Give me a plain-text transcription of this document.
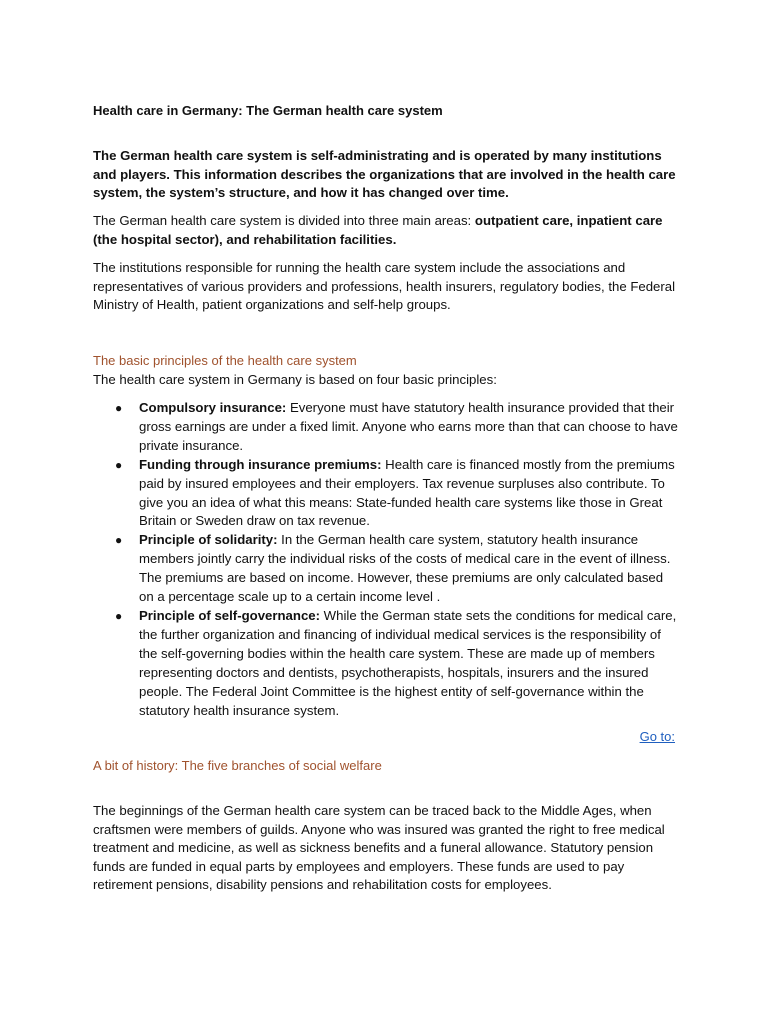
Health care in Germany: The German health care system

The German health care system is self-administrating and is operated by many institutions and players. This information describes the organizations that are involved in the health care system, the system’s structure, and how it has changed over time.

The German health care system is divided into three main areas: outpatient care, inpatient care (the hospital sector), and rehabilitation facilities.

The institutions responsible for running the health care system include the associations and representatives of various providers and professions, health insurers, regulatory bodies, the Federal Ministry of Health, patient organizations and self-help groups.

The basic principles of the health care system

The health care system in Germany is based on four basic principles:

● Compulsory insurance: Everyone must have statutory health insurance provided that their gross earnings are under a fixed limit. Anyone who earns more than that can choose to have private insurance.
● Funding through insurance premiums: Health care is financed mostly from the premiums paid by insured employees and their employers. Tax revenue surpluses also contribute. To give you an idea of what this means: State-funded health care systems like those in Great Britain or Sweden draw on tax revenue.
● Principle of solidarity: In the German health care system, statutory health insurance members jointly carry the individual risks of the costs of medical care in the event of illness. The premiums are based on income. However, these premiums are only calculated based on a percentage scale up to a certain income level .
● Principle of self-governance: While the German state sets the conditions for medical care, the further organization and financing of individual medical services is the responsibility of the self-governing bodies within the health care system. These are made up of members representing doctors and dentists, psychotherapists, hospitals, insurers and the insured people. The Federal Joint Committee is the highest entity of self-governance within the statutory health insurance system.
Go to:

A bit of history: The five branches of social welfare

The beginnings of the German health care system can be traced back to the Middle Ages, when craftsmen were members of guilds. Anyone who was insured was granted the right to free medical treatment and medicine, as well as sickness benefits and a funeral allowance. Statutory pension funds are funded in equal parts by employees and employers. These funds are used to pay retirement pensions, disability pensions and rehabilitation costs for employees.
